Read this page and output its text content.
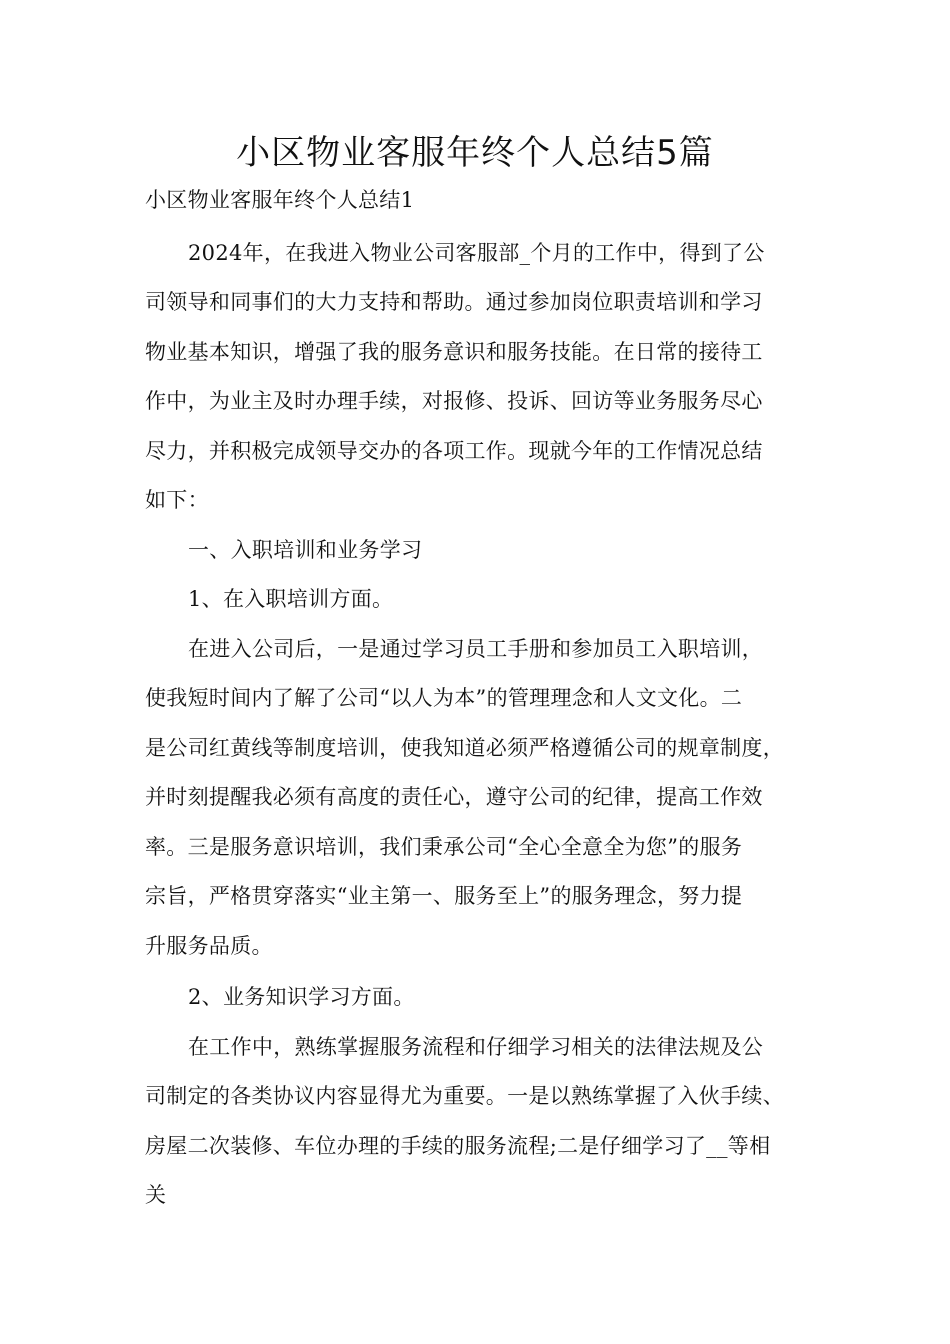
小区物业客服年终个人总结5篇

小区物业客服年终个人总结1

2024年，在我进入物业公司客服部_个月的工作中，得到了公

司领导和同事们的大力支持和帮助。通过参加岗位职责培训和学习

物业基本知识，增强了我的服务意识和服务技能。在日常的接待工

作中，为业主及时办理手续，对报修、投诉、回访等业务服务尽心

尽力，并积极完成领导交办的各项工作。现就今年的工作情况总结

如下：

一、入职培训和业务学习

1、在入职培训方面。

在进入公司后，一是通过学习员工手册和参加员工入职培训，

使我短时间内了解了公司“以人为本”的管理理念和人文文化。二

是公司红黄线等制度培训，使我知道必须严格遵循公司的规章制度，

并时刻提醒我必须有高度的责任心，遵守公司的纪律，提高工作效

率。三是服务意识培训，我们秉承公司“全心全意全为您”的服务

宗旨，严格贯穿落实“业主第一、服务至上”的服务理念，努力提

升服务品质。

2、业务知识学习方面。

在工作中，熟练掌握服务流程和仔细学习相关的法律法规及公

司制定的各类协议内容显得尤为重要。一是以熟练掌握了入伙手续、

房屋二次装修、车位办理的手续的服务流程;二是仔细学习了__等相

关
